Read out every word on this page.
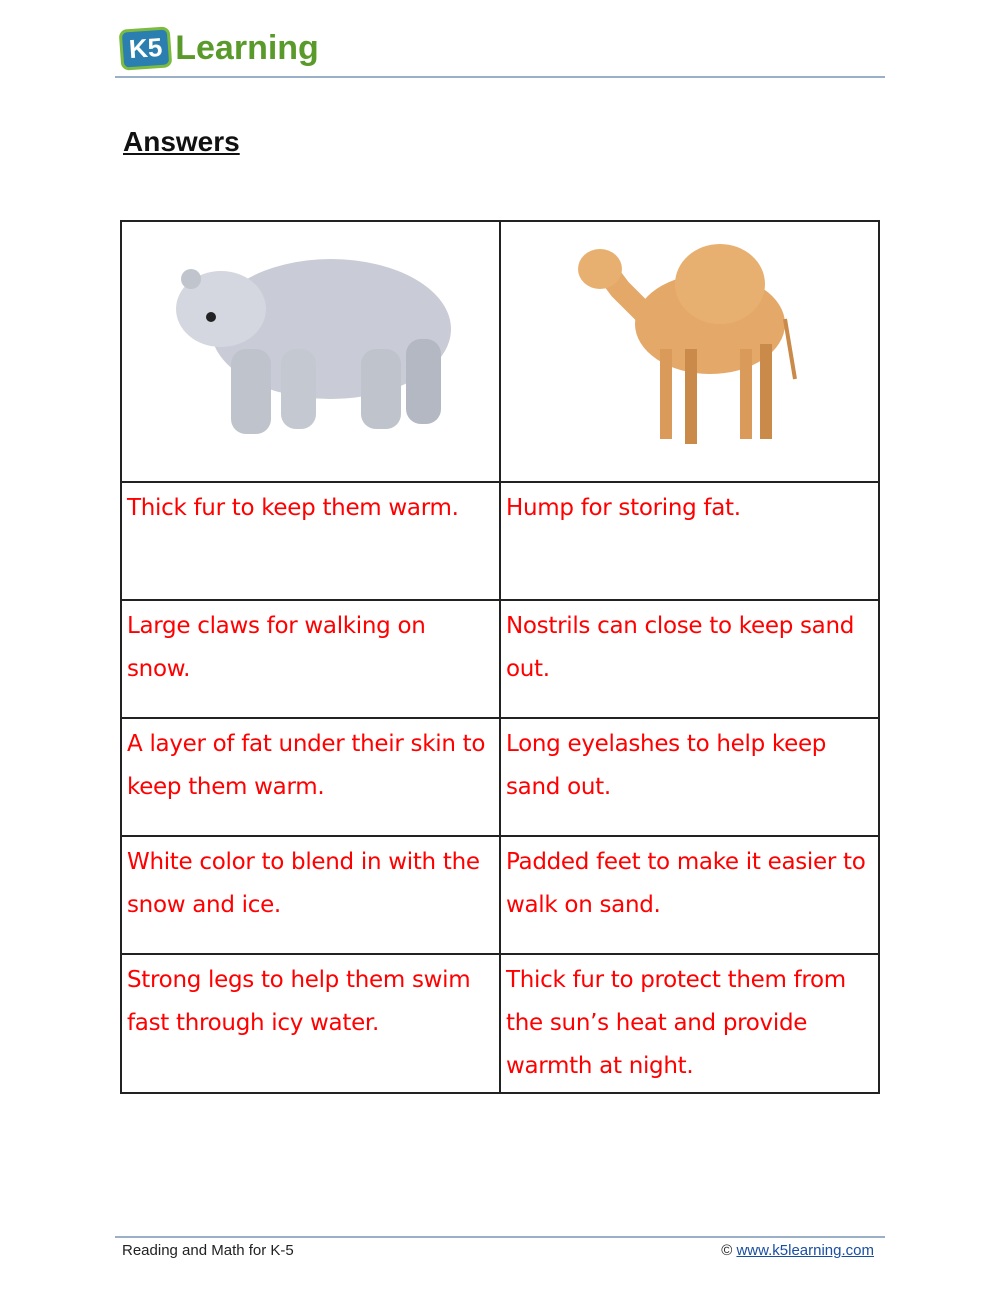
K5 Learning
Answers

Thick fur to keep them warm.	Hump for storing fat.
Large claws for walking on snow.	Nostrils can close to keep sand out.
A layer of fat under their skin to keep them warm.	Long eyelashes to help keep sand out.
White color to blend in with the snow and ice.	Padded feet to make it easier to walk on sand.
Strong legs to help them swim fast through icy water.	Thick fur to protect them from the sun’s heat and provide warmth at night.
Reading and Math for K-5	© www.k5learning.com
